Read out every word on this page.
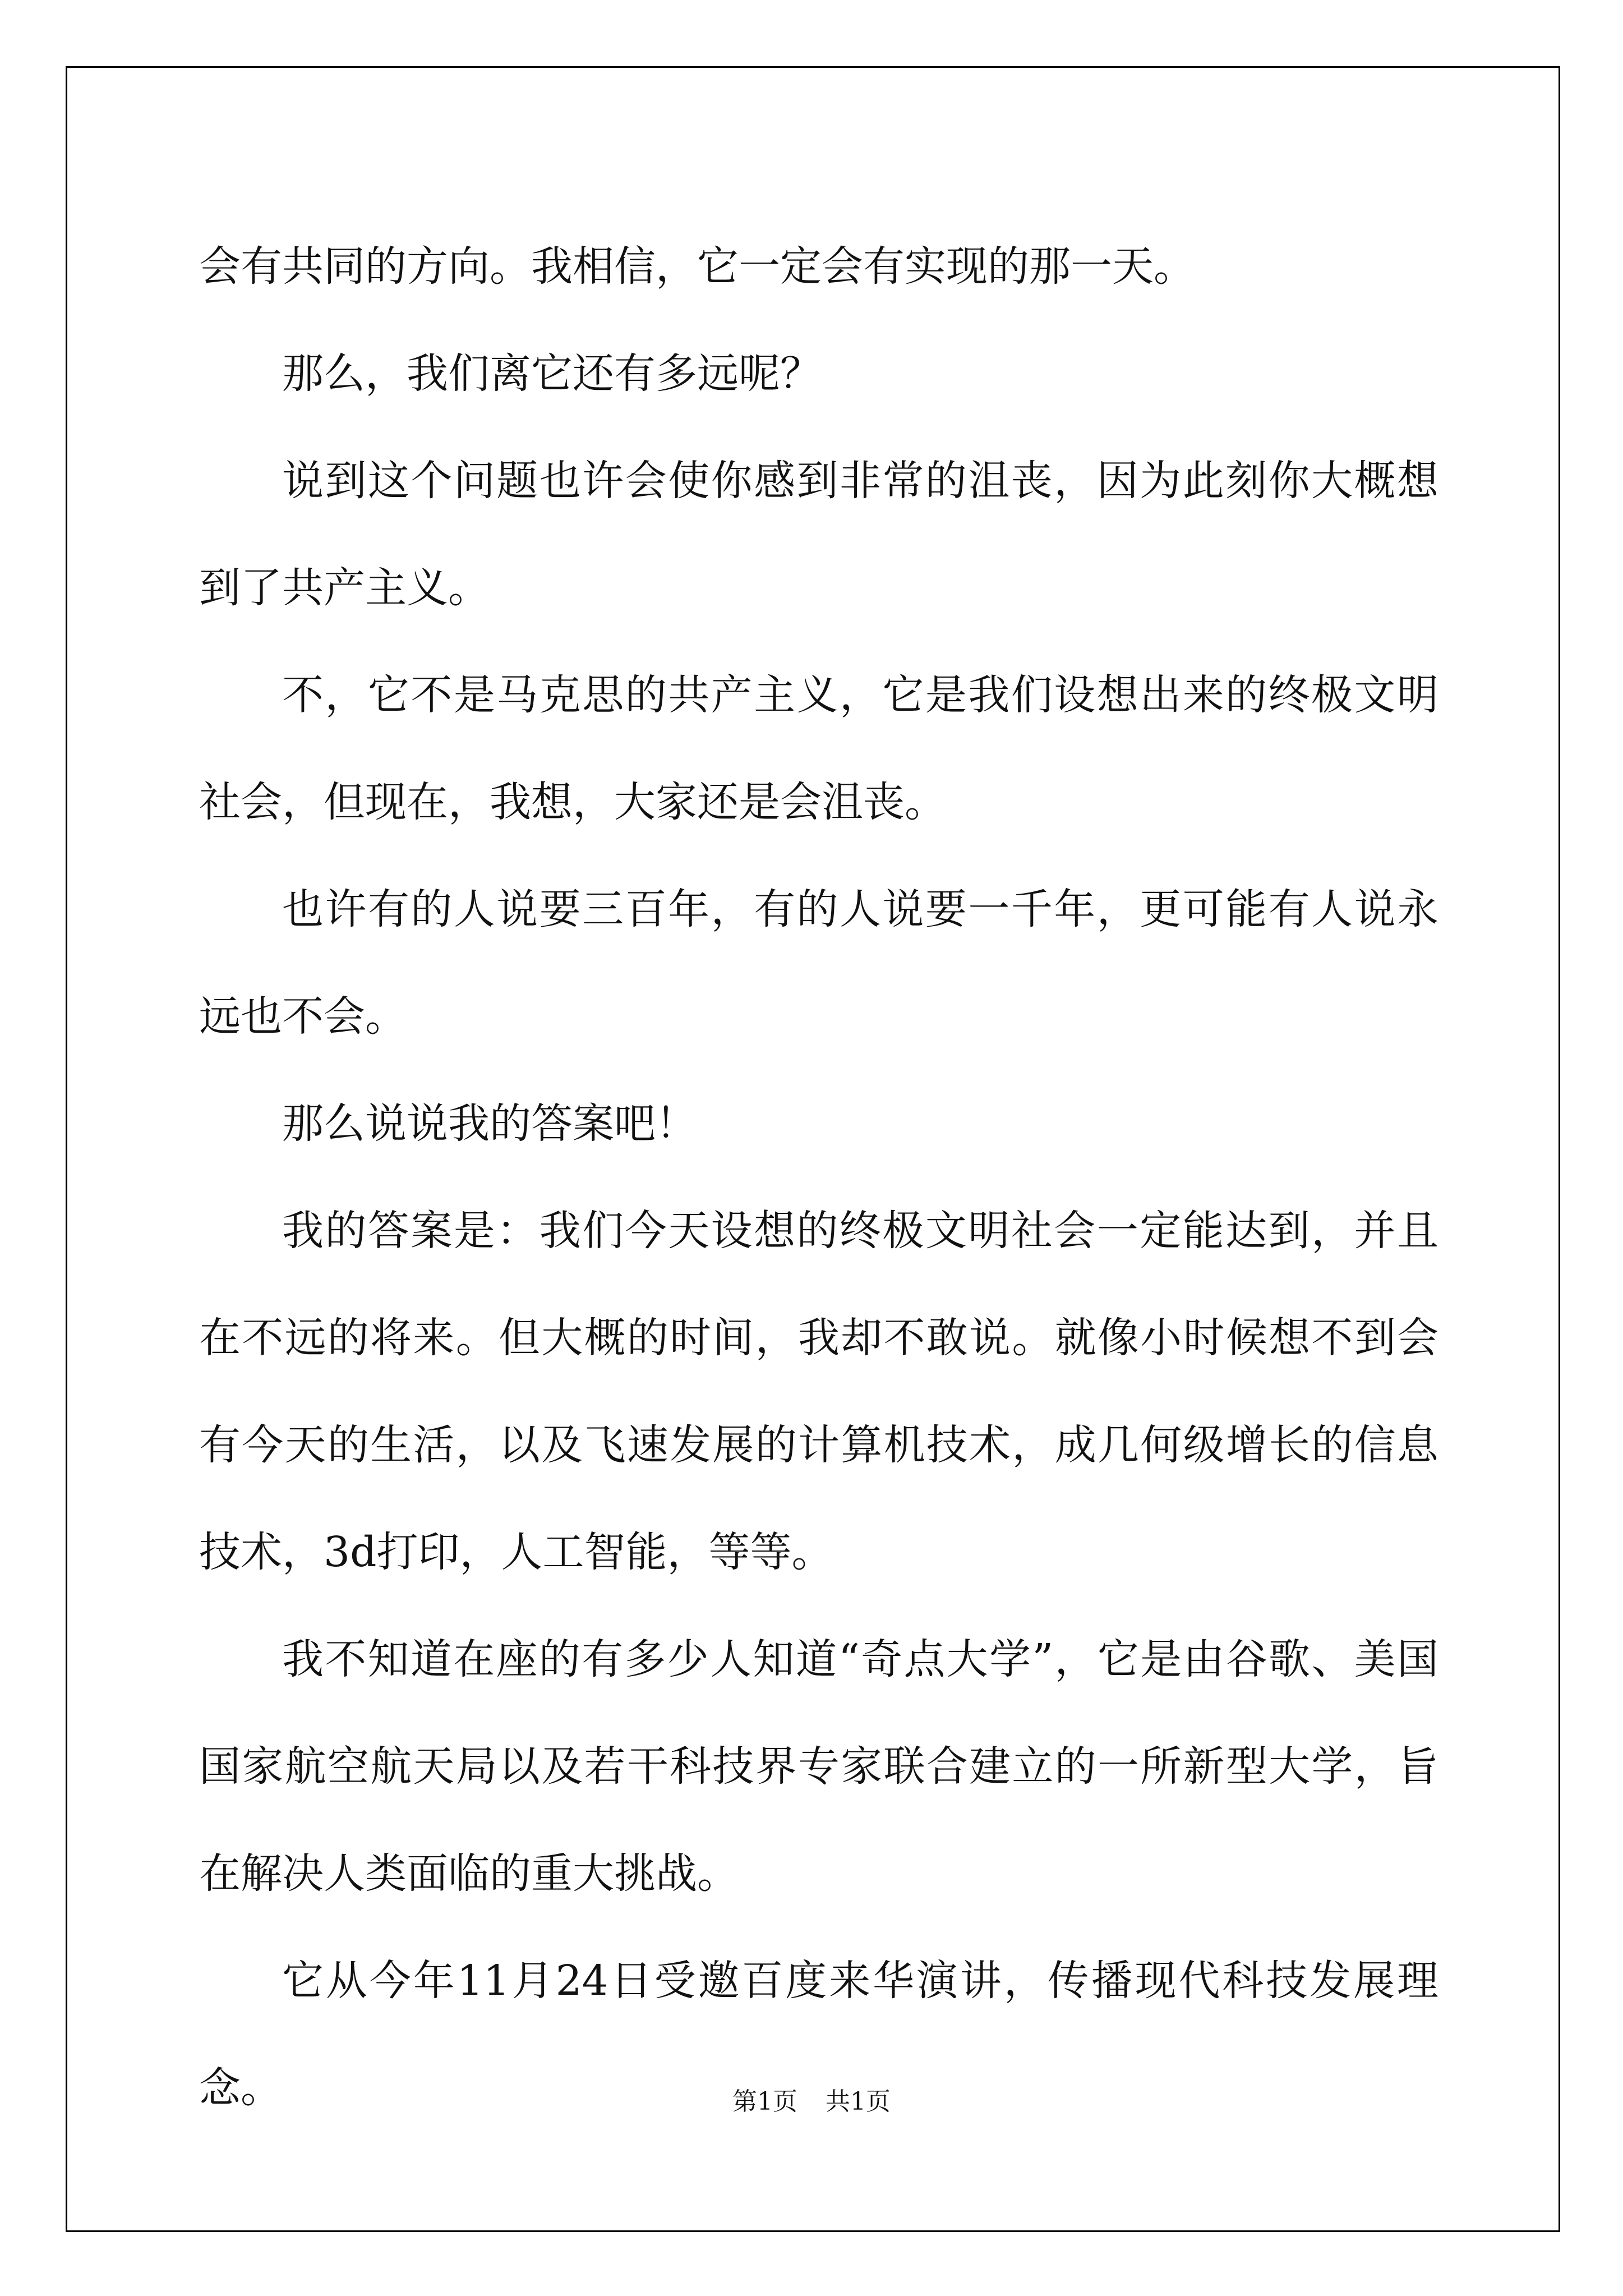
会有共同的方向。我相信，它一定会有实现的那一天。

那么，我们离它还有多远呢？

说到这个问题也许会使你感到非常的沮丧，因为此刻你大概想到了共产主义。

不，它不是马克思的共产主义，它是我们设想出来的终极文明社会，但现在，我想，大家还是会沮丧。

也许有的人说要三百年，有的人说要一千年，更可能有人说永远也不会。

那么说说我的答案吧！

我的答案是：我们今天设想的终极文明社会一定能达到，并且在不远的将来。但大概的时间，我却不敢说。就像小时候想不到会有今天的生活，以及飞速发展的计算机技术，成几何级增长的信息技术，3d打印，人工智能，等等。

我不知道在座的有多少人知道“奇点大学”，它是由谷歌、美国国家航空航天局以及若干科技界专家联合建立的一所新型大学，旨在解决人类面临的重大挑战。

它从今年11月24日受邀百度来华演讲，传播现代科技发展理念。	第1页 共1页
